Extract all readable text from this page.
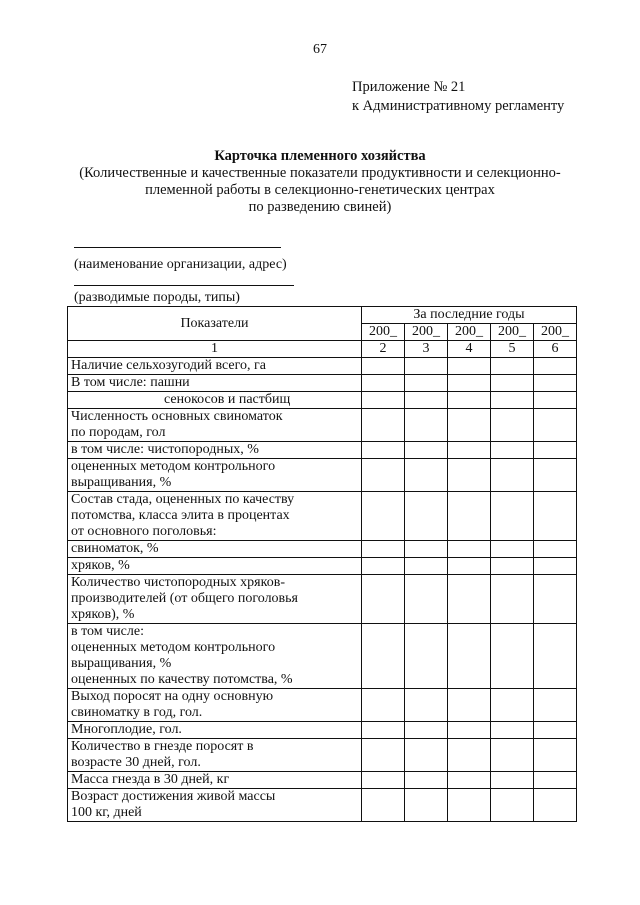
67
Приложение № 21
к Административному регламенту
Карточка племенного хозяйства
(Количественные и качественные показатели продуктивности и селекционно-
племенной работы в селекционно-генетических центрах
по разведению свиней)
(наименование организации, адрес)
(разводимые породы, типы)
Показатели	За последние годы				
	200_	200_	200_	200_	200_
1	2	3	4	5	6

Наличие сельхозугодий всего, га					

В том числе: пашни					

сенокосов и пастбищ					

Численность основных свиноматок
по породам, гол					

в том числе: чистопородных, %					

оцененных методом контрольного
выращивания, %					

Состав стада, оцененных по качеству
потомства, класса элита в процентах
от основного поголовья:					

свиноматок, %					

хряков, %					

Количество чистопородных хряков-
производителей (от общего поголовья
хряков), %					

в том числе:
оцененных методом контрольного
выращивания, %
оцененных по качеству потомства, %					

Выход поросят на одну основную
свиноматку в год, гол.					

Многоплодие, гол.					

Количество в гнезде поросят в
возрасте 30 дней, гол.					

Масса гнезда в 30 дней, кг					

Возраст достижения живой массы
100 кг, дней					
